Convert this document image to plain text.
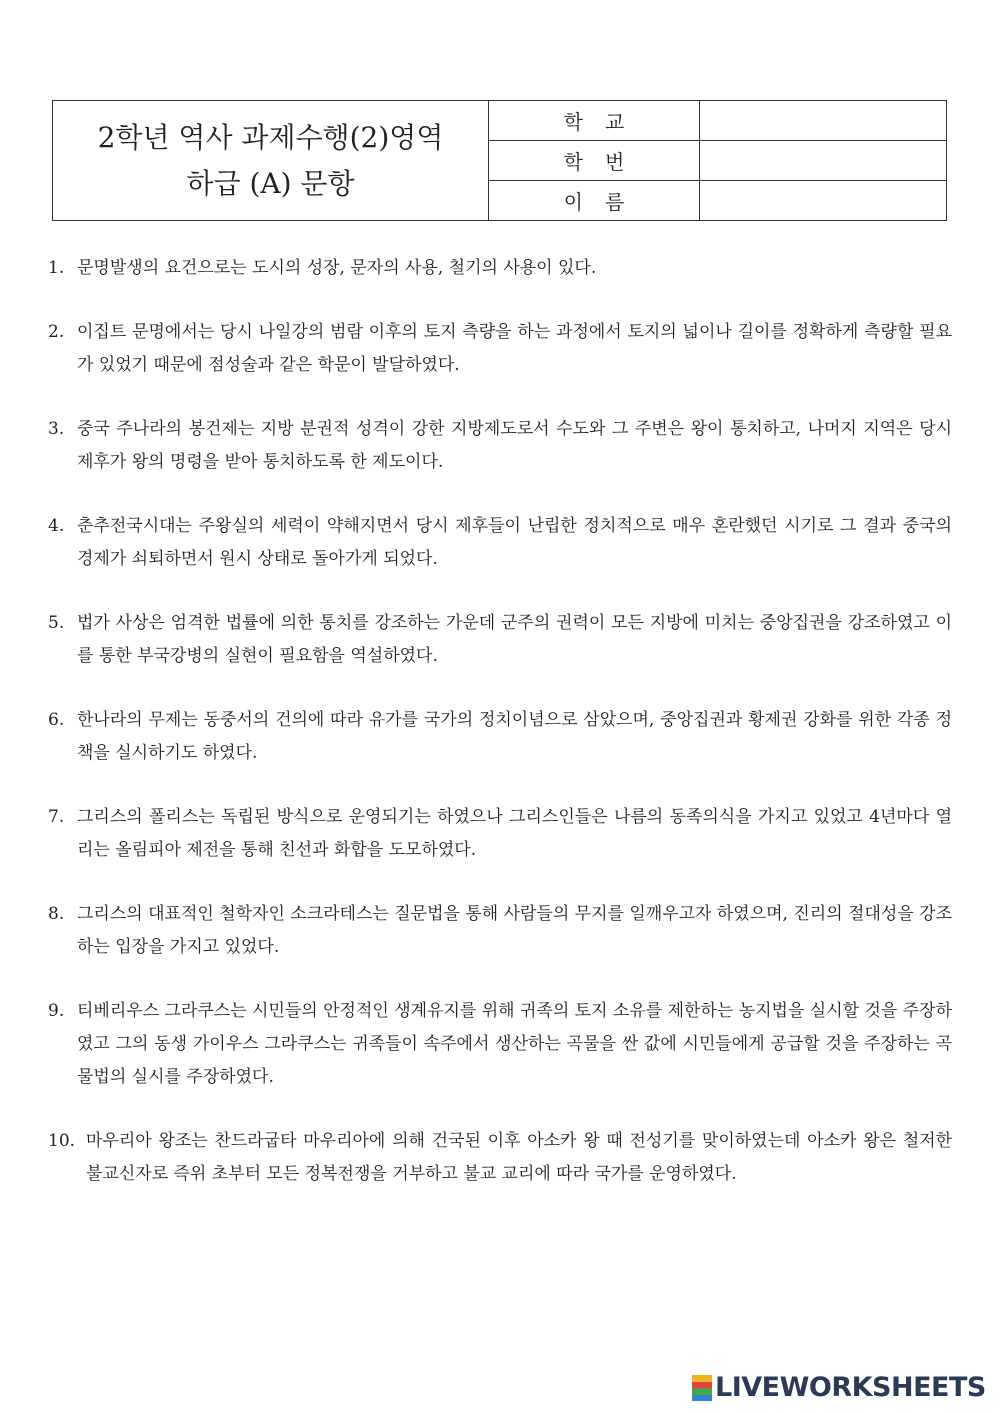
2학년 역사 과제수행(2)영역
하급 (A) 문항	학교	
	학번	
	이름	
1. 문명발생의 요건으로는 도시의 성장, 문자의 사용, 철기의 사용이 있다.
2. 이집트 문명에서는 당시 나일강의 범람 이후의 토지 측량을 하는 과정에서 토지의 넓이나 길이를 정확하게 측량할 필요가 있었기 때문에 점성술과 같은 학문이 발달하였다.
3. 중국 주나라의 봉건제는 지방 분권적 성격이 강한 지방제도로서 수도와 그 주변은 왕이 통치하고, 나머지 지역은 당시 제후가 왕의 명령을 받아 통치하도록 한 제도이다.
4. 춘추전국시대는 주왕실의 세력이 약해지면서 당시 제후들이 난립한 정치적으로 매우 혼란했던 시기로 그 결과 중국의 경제가 쇠퇴하면서 원시 상태로 돌아가게 되었다.
5. 법가 사상은 엄격한 법률에 의한 통치를 강조하는 가운데 군주의 권력이 모든 지방에 미치는 중앙집권을 강조하였고 이를 통한 부국강병의 실현이 필요함을 역설하였다.
6. 한나라의 무제는 동중서의 건의에 따라 유가를 국가의 정치이념으로 삼았으며, 중앙집권과 황제권 강화를 위한 각종 정책을 실시하기도 하였다.
7. 그리스의 폴리스는 독립된 방식으로 운영되기는 하였으나 그리스인들은 나름의 동족의식을 가지고 있었고 4년마다 열리는 올림피아 제전을 통해 친선과 화합을 도모하였다.
8. 그리스의 대표적인 철학자인 소크라테스는 질문법을 통해 사람들의 무지를 일깨우고자 하였으며, 진리의 절대성을 강조하는 입장을 가지고 있었다.
9. 티베리우스 그라쿠스는 시민들의 안정적인 생계유지를 위해 귀족의 토지 소유를 제한하는 농지법을 실시할 것을 주장하였고 그의 동생 가이우스 그라쿠스는 귀족들이 속주에서 생산하는 곡물을 싼 값에 시민들에게 공급할 것을 주장하는 곡물법의 실시를 주장하였다.
10. 마우리아 왕조는 찬드라굽타 마우리아에 의해 건국된 이후 아소카 왕 때 전성기를 맞이하였는데 아소카 왕은 철저한 불교신자로 즉위 초부터 모든 정복전쟁을 거부하고 불교 교리에 따라 국가를 운영하였다.
LIVEWORKSHEETS
